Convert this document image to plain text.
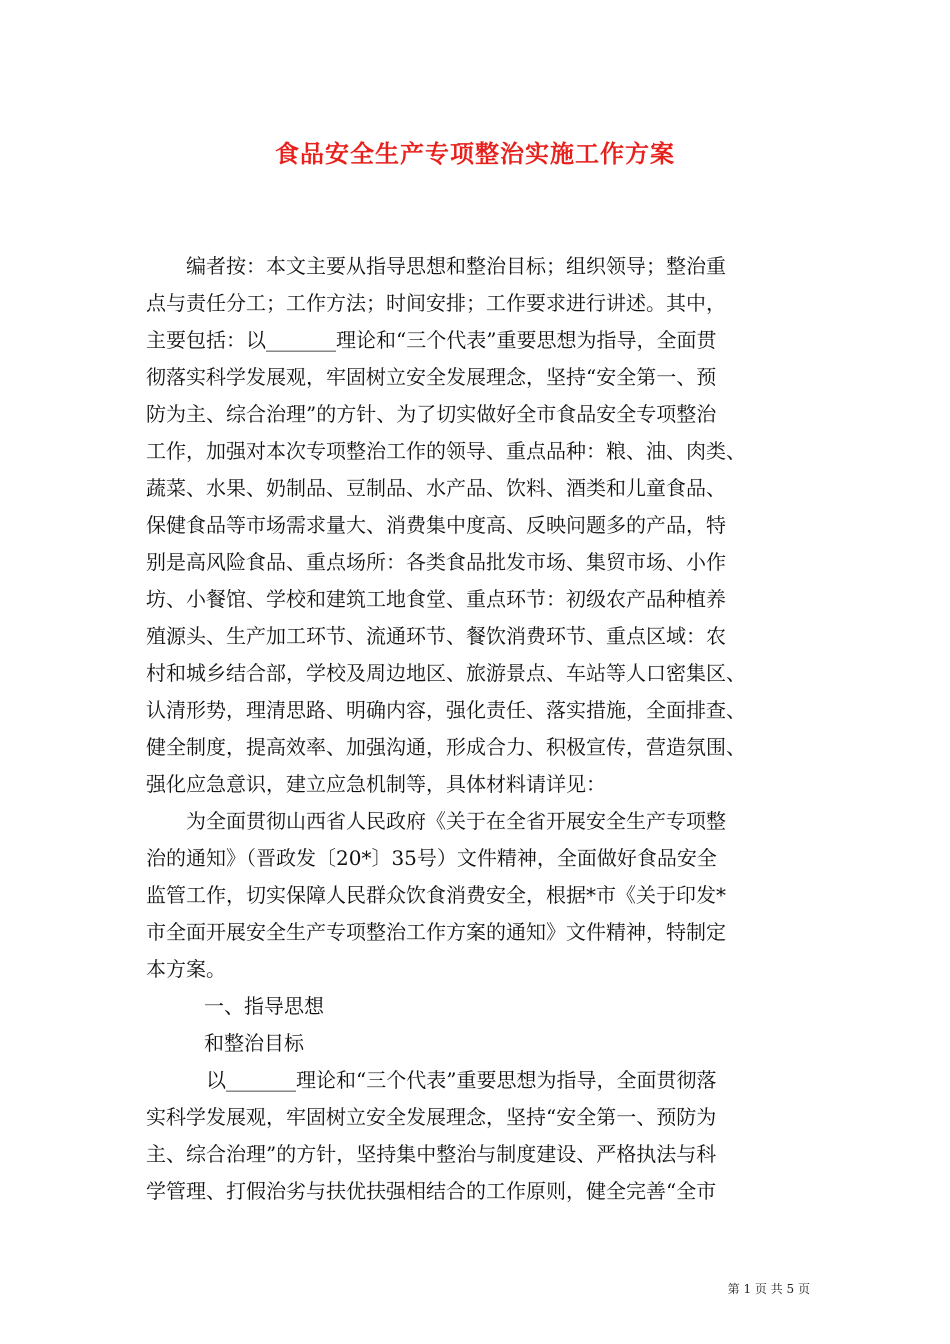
食品安全生产专项整治实施工作方案
编者按：本文主要从指导思想和整治目标；组织领导；整治重
点与责任分工；工作方法；时间安排；工作要求进行讲述。其中，
主要包括：以_______理论和“三个代表”重要思想为指导，全面贯
彻落实科学发展观，牢固树立安全发展理念，坚持“安全第一、预
防为主、综合治理”的方针、为了切实做好全市食品安全专项整治
工作，加强对本次专项整治工作的领导、重点品种：粮、油、肉类、
蔬菜、水果、奶制品、豆制品、水产品、饮料、酒类和儿童食品、
保健食品等市场需求量大、消费集中度高、反映问题多的产品，特
别是高风险食品、重点场所：各类食品批发市场、集贸市场、小作
坊、小餐馆、学校和建筑工地食堂、重点环节：初级农产品种植养
殖源头、生产加工环节、流通环节、餐饮消费环节、重点区域：农
村和城乡结合部，学校及周边地区、旅游景点、车站等人口密集区、
认清形势，理清思路、明确内容，强化责任、落实措施，全面排查、
健全制度，提高效率、加强沟通，形成合力、积极宣传，营造氛围、
强化应急意识，建立应急机制等，具体材料请详见：
为全面贯彻山西省人民政府《关于在全省开展安全生产专项整
治的通知》（晋政发〔20*〕35号）文件精神，全面做好食品安全
监管工作，切实保障人民群众饮食消费安全，根据*市《关于印发*
市全面开展安全生产专项整治工作方案的通知》文件精神，特制定
本方案。
一、指导思想
和整治目标
以_______理论和“三个代表”重要思想为指导，全面贯彻落
实科学发展观，牢固树立安全发展理念，坚持“安全第一、预防为
主、综合治理”的方针，坚持集中整治与制度建设、严格执法与科
学管理、打假治劣与扶优扶强相结合的工作原则，健全完善“全市
第 1 页 共 5 页
